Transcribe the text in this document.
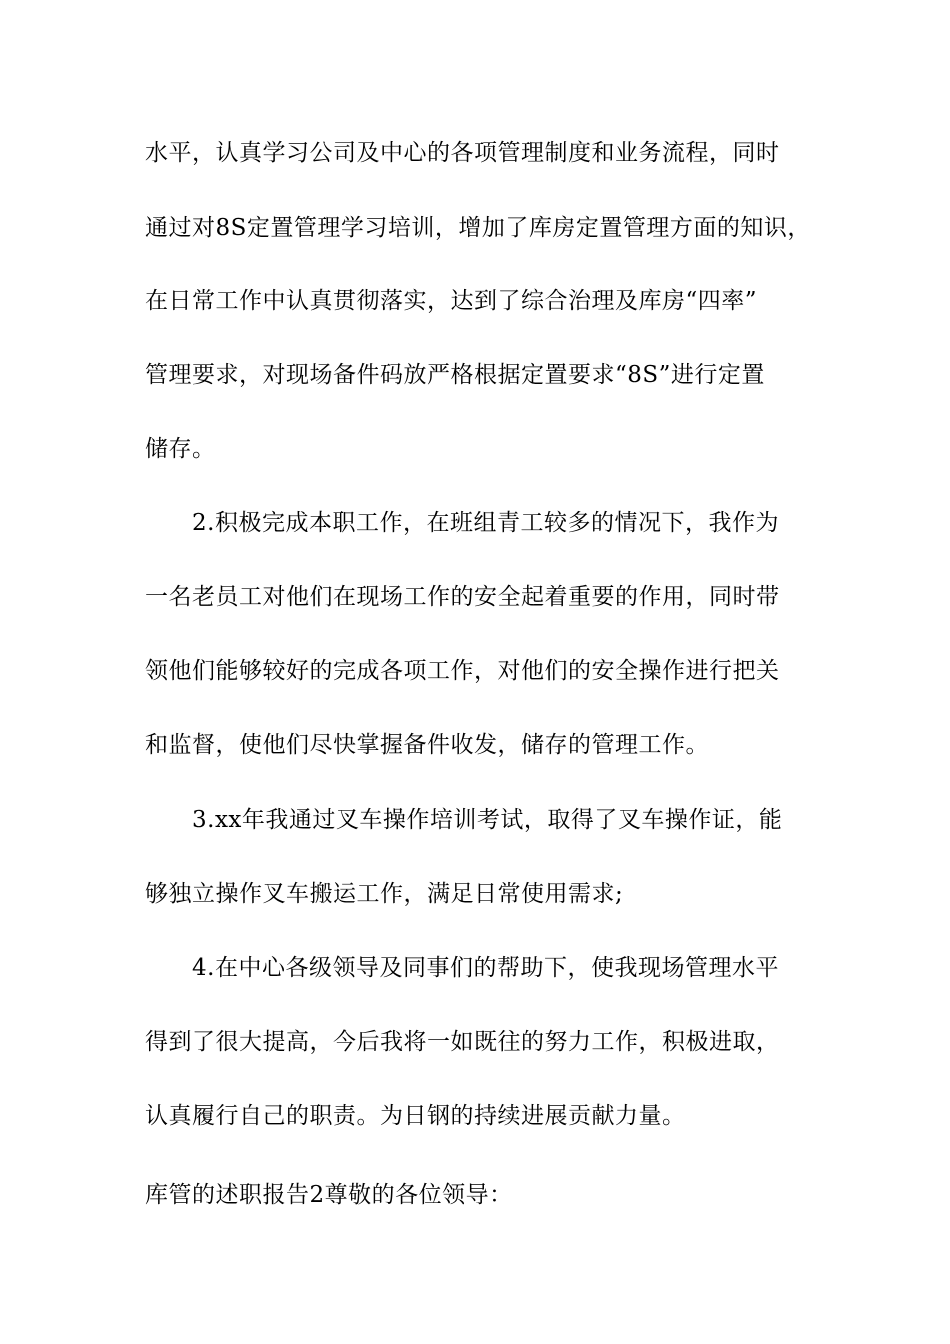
水平，认真学习公司及中心的各项管理制度和业务流程，同时
通过对8S定置管理学习培训，增加了库房定置管理方面的知识，
在日常工作中认真贯彻落实，达到了综合治理及库房“四率”
管理要求，对现场备件码放严格根据定置要求“8S”进行定置
储存。
2.积极完成本职工作，在班组青工较多的情况下，我作为
一名老员工对他们在现场工作的安全起着重要的作用，同时带
领他们能够较好的完成各项工作，对他们的安全操作进行把关
和监督，使他们尽快掌握备件收发，储存的管理工作。
3.xx年我通过叉车操作培训考试，取得了叉车操作证，能
够独立操作叉车搬运工作，满足日常使用需求;
4.在中心各级领导及同事们的帮助下，使我现场管理水平
得到了很大提高，今后我将一如既往的努力工作，积极进取，
认真履行自己的职责。为日钢的持续进展贡献力量。
库管的述职报告2尊敬的各位领导：
